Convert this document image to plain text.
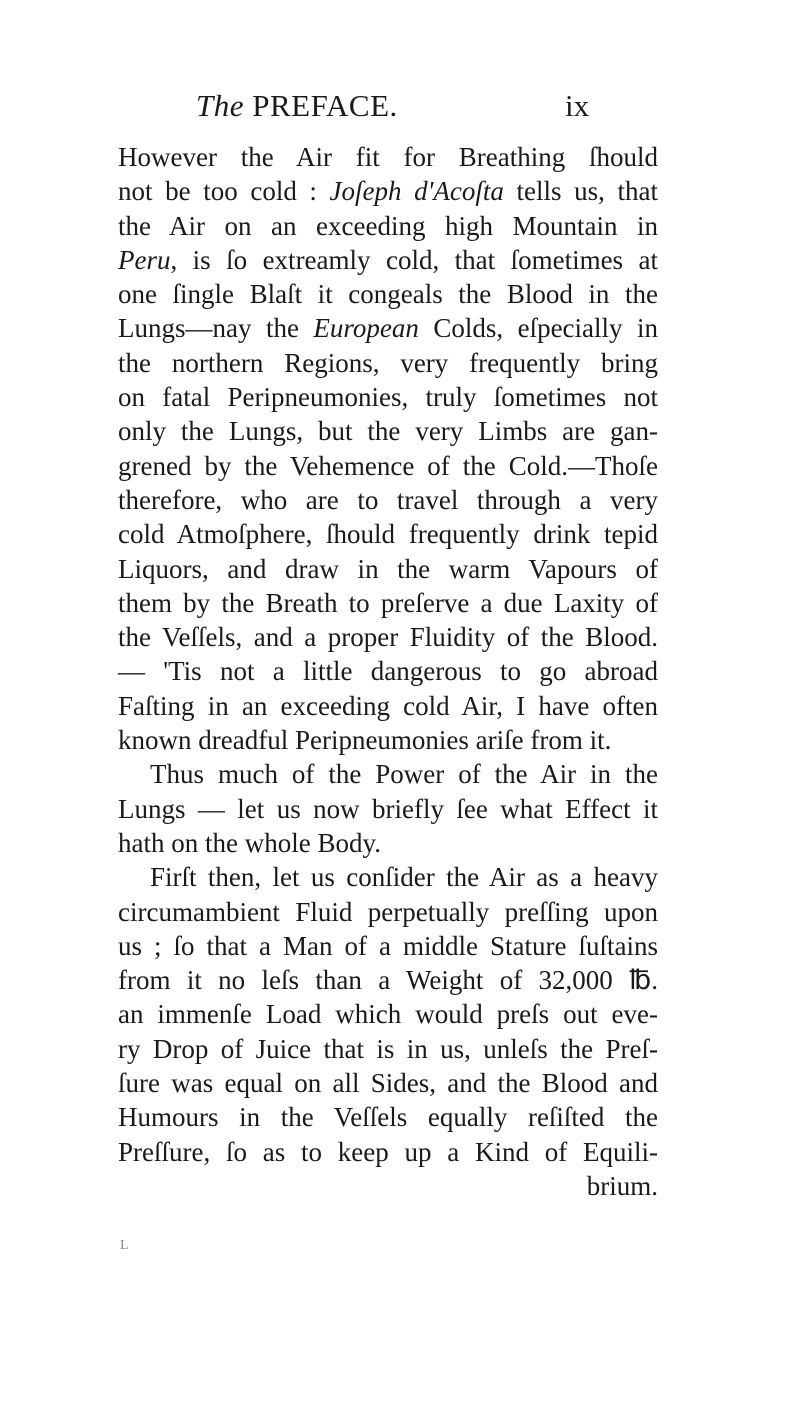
The PREFACE.	ix
However the Air fit for Breathing ſhould
not be too cold : Joſeph d'Acoſta tells us, that
the Air on an exceeding high Mountain in
Peru, is ſo extreamly cold, that ſometimes at
one ſingle Blaſt it congeals the Blood in the
Lungs—nay the European Colds, eſpecially in
the northern Regions, very frequently bring
on fatal Peripneumonies, truly ſometimes not
only the Lungs, but the very Limbs are gan-
grened by the Vehemence of the Cold.—Thoſe
therefore, who are to travel through a very
cold Atmoſphere, ſhould frequently drink tepid
Liquors, and draw in the warm Vapours of
them by the Breath to preſerve a due Laxity of
the Veſſels, and a proper Fluidity of the Blood.
— 'Tis not a little dangerous to go abroad
Faſting in an exceeding cold Air, I have often
known dreadful Peripneumonies ariſe from it.
Thus much of the Power of the Air in the
Lungs — let us now briefly ſee what Effect it
hath on the whole Body.
Firſt then, let us conſider the Air as a heavy
circumambient Fluid perpetually preſſing upon
us ; ſo that a Man of a middle Stature ſuſtains
from it no leſs than a Weight of 32,000 ℔.
an immenſe Load which would preſs out eve-
ry Drop of Juice that is in us, unleſs the Preſ-
ſure was equal on all Sides, and the Blood and
Humours in the Veſſels equally reſiſted the
Preſſure, ſo as to keep up a Kind of Equili-
brium.
L
